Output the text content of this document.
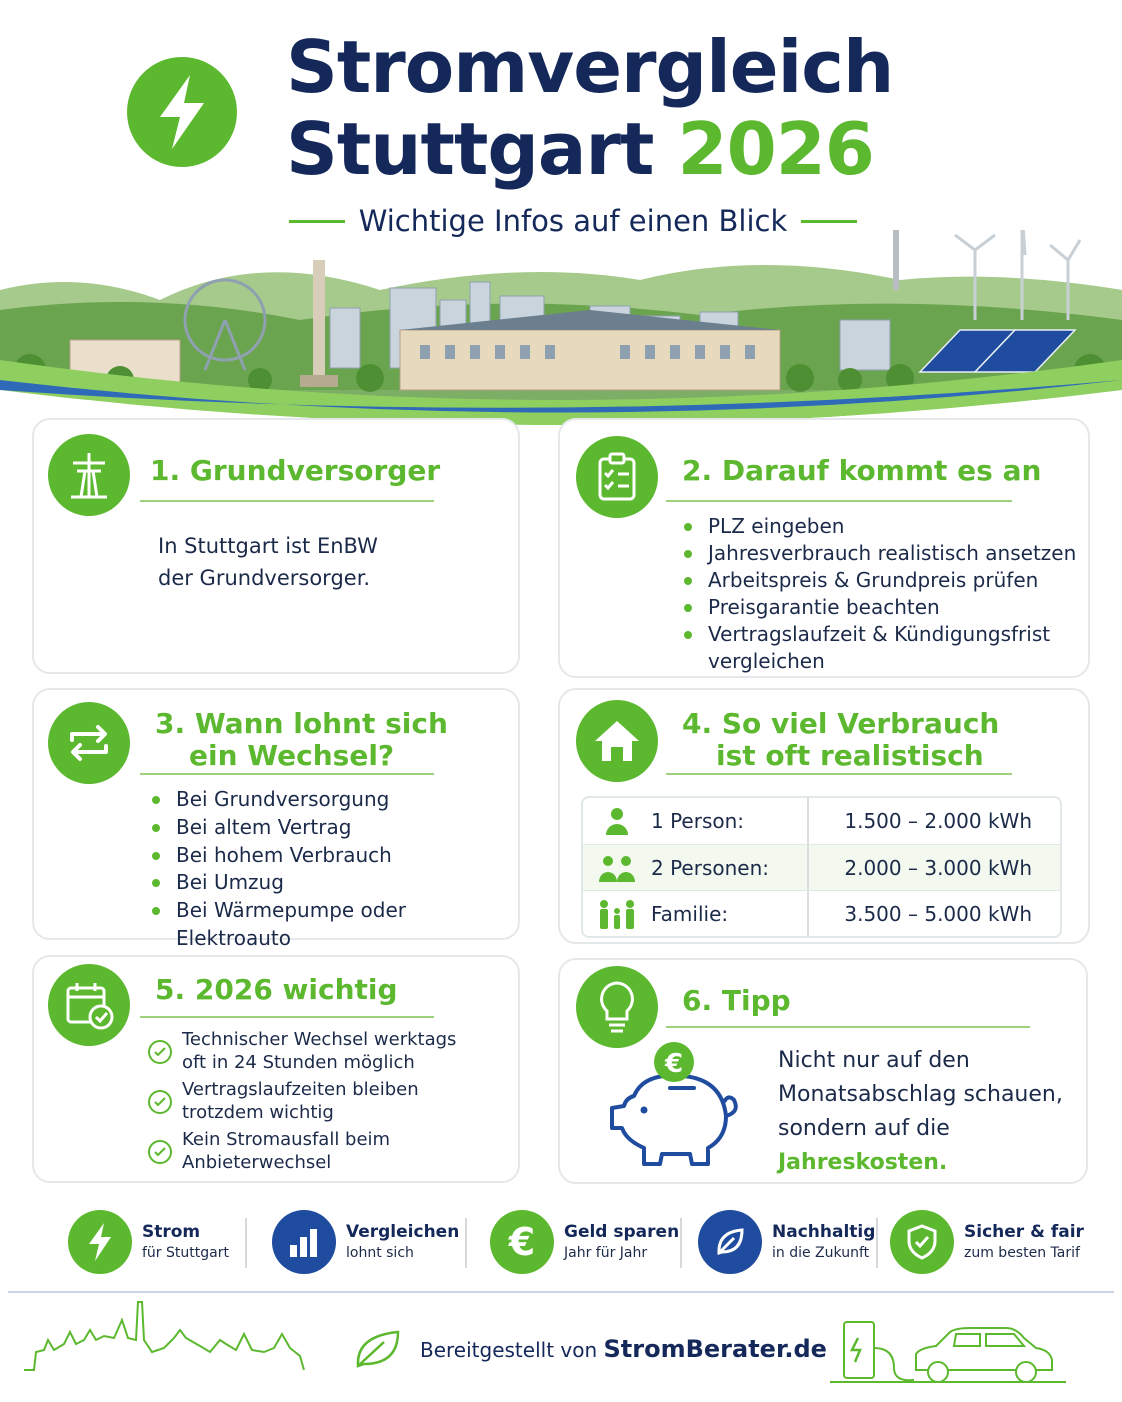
Stromvergleich
Stuttgart 2026
Wichtige Infos auf einen Blick
1. Grundversorger
In Stuttgart ist EnBW
der Grundversorger.
2. Darauf kommt es an
PLZ eingeben
Jahresverbrauch realistisch ansetzen
Arbeitspreis & Grundpreis prüfen
Preisgarantie beachten
Vertragslaufzeit & Kündigungsfrist
vergleichen
3. Wann lohnt sich
ein Wechsel?
Bei Grundversorgung
Bei altem Vertrag
Bei hohem Verbrauch
Bei Umzug
Bei Wärmepumpe oder Elektroauto
4. So viel Verbrauch
ist oft realistisch
1 Person:	1.500 – 2.000 kWh
2 Personen:	2.000 – 3.000 kWh
Familie:	3.500 – 5.000 kWh
5. 2026 wichtig
Technischer Wechsel werktags
oft in 24 Stunden möglich
Vertragslaufzeiten bleiben
trotzdem wichtig
Kein Stromausfall beim
Anbieterwechsel
6. Tipp
€	Nicht nur auf den
Monatsabschlag schauen,
sondern auf die
Jahreskosten.
Strom
für Stuttgart
Vergleichen
lohnt sich	€ Geld sparen
Jahr für Jahr
Nachhaltig
in die Zukunft
Sicher & fair
zum besten Tarif
Bereitgestellt von StromBerater.de
